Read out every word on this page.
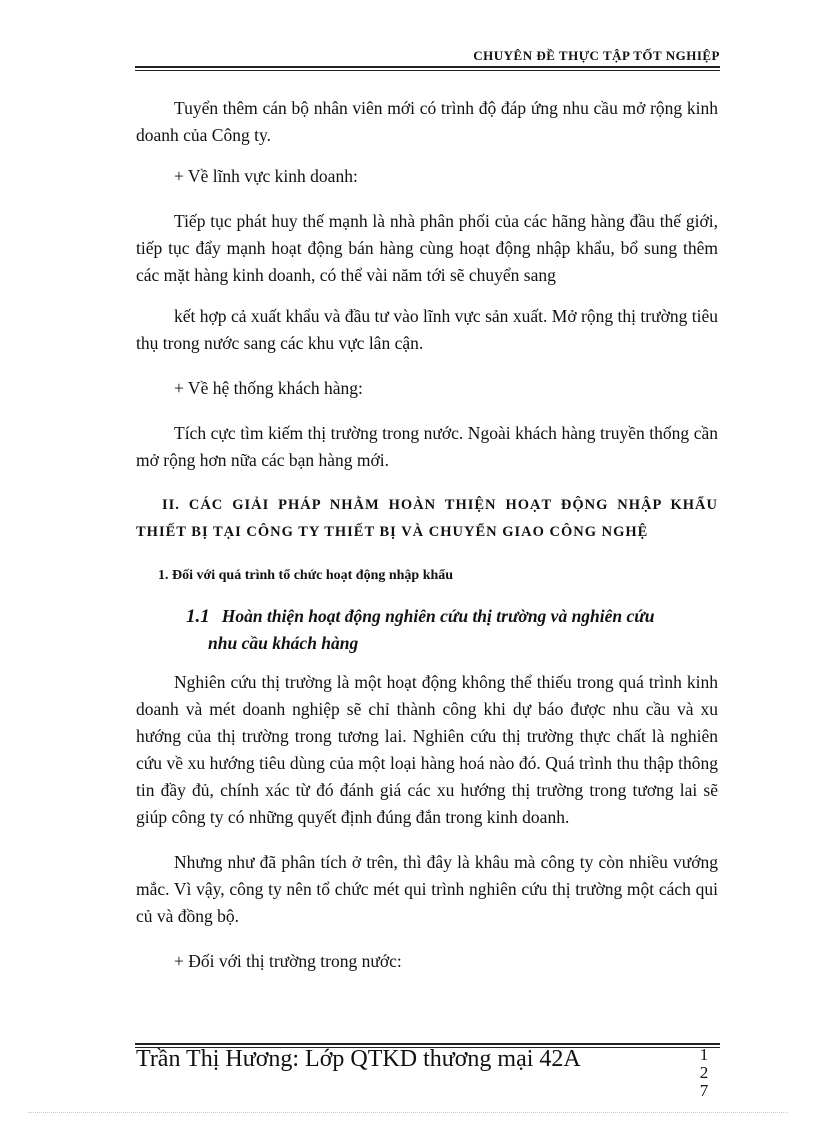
CHUYÊN ĐỀ THỰC TẬP TỐT NGHIỆP

Tuyển thêm cán bộ nhân viên mới có trình độ đáp ứng nhu cầu mở rộng kinh doanh của Công ty.

+ Về lĩnh vực kinh doanh:

Tiếp tục phát huy thế mạnh là nhà phân phối của các hãng hàng đầu thế giới, tiếp tục đẩy mạnh hoạt động bán hàng cùng hoạt động nhập khẩu, bổ sung thêm các mặt hàng kinh doanh, có thể vài năm tới sẽ chuyển sang

kết hợp cả xuất khẩu và đầu tư vào lĩnh vực sản xuất. Mở rộng thị trường tiêu thụ trong nước sang các khu vực lân cận.

+ Về hệ thống khách hàng:

Tích cực tìm kiếm thị trường trong nước. Ngoài khách hàng truyền thống cần mở rộng hơn nữa các bạn hàng mới.

II. CÁC GIẢI PHÁP NHẰM HOÀN THIỆN HOẠT ĐỘNG NHẬP KHẨU THIẾT BỊ TẠI CÔNG TY THIẾT BỊ VÀ CHUYỂN GIAO CÔNG NGHỆ

1. Đối với quá trình tổ chức hoạt động nhập khẩu

1.1 Hoàn thiện hoạt động nghiên cứu thị trường và nghiên cứu
nhu cầu khách hàng

Nghiên cứu thị trường là một hoạt động không thể thiếu trong quá trình kinh doanh và mét doanh nghiệp sẽ chỉ thành công khi dự báo được nhu cầu và xu hướng của thị trường trong tương lai. Nghiên cứu thị trường thực chất là nghiên cứu về xu hướng tiêu dùng của một loại hàng hoá nào đó. Quá trình thu thập thông tin đầy đủ, chính xác từ đó đánh giá các xu hướng thị trường trong tương lai sẽ giúp công ty có những quyết định đúng đắn trong kinh doanh.

Nhưng như đã phân tích ở trên, thì đây là khâu mà công ty còn nhiều vướng mắc. Vì vậy, công ty nên tổ chức mét qui trình nghiên cứu thị trường một cách qui củ và đồng bộ.

+ Đối với thị trường trong nước:

Trần Thị Hương: Lớp QTKD thương mại 42A	1
2
7
